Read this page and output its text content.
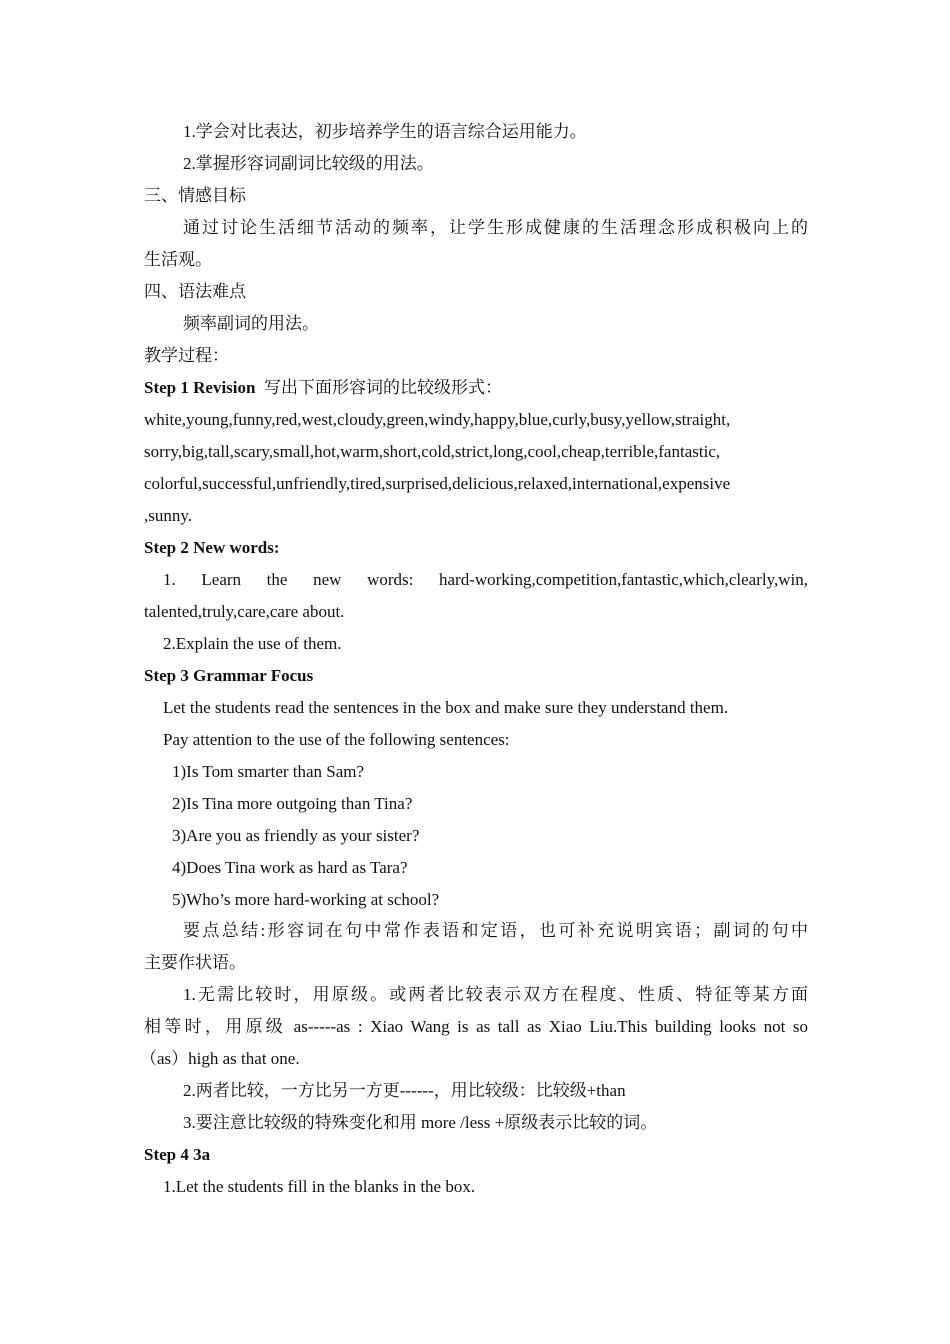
1.学会对比表达，初步培养学生的语言综合运用能力。
2.掌握形容词副词比较级的用法。
三、情感目标
通过讨论生活细节活动的频率，让学生形成健康的生活理念形成积极向上的
生活观。
四、语法难点
频率副词的用法。
教学过程：
Step 1 Revision 写出下面形容词的比较级形式：
white,young,funny,red,west,cloudy,green,windy,happy,blue,curly,busy,yellow,straight,
sorry,big,tall,scary,small,hot,warm,short,cold,strict,long,cool,cheap,terrible,fantastic,
colorful,successful,unfriendly,tired,surprised,delicious,relaxed,international,expensive
,sunny.
Step 2 New words:
1. Learn the new words: hard-working,competition,fantastic,which,clearly,win,
talented,truly,care,care about.
2.Explain the use of them.
Step 3 Grammar Focus
Let the students read the sentences in the box and make sure they understand them.
Pay attention to the use of the following sentences:
1)Is Tom smarter than Sam?
2)Is Tina more outgoing than Tina?
3)Are you as friendly as your sister?
4)Does Tina work as hard as Tara?
5)Who’s more hard-working at school?
要点总结:形容词在句中常作表语和定语，也可补充说明宾语；副词的句中
主要作状语。
1.无需比较时，用原级。或两者比较表示双方在程度、性质、特征等某方面
相等时，用原级 as-----as : Xiao Wang is as tall as Xiao Liu.This building looks not so
（as）high as that one.
2.两者比较，一方比另一方更------，用比较级：比较级+than
3.要注意比较级的特殊变化和用 more /less +原级表示比较的词。
Step 4 3a
1.Let the students fill in the blanks in the box.
